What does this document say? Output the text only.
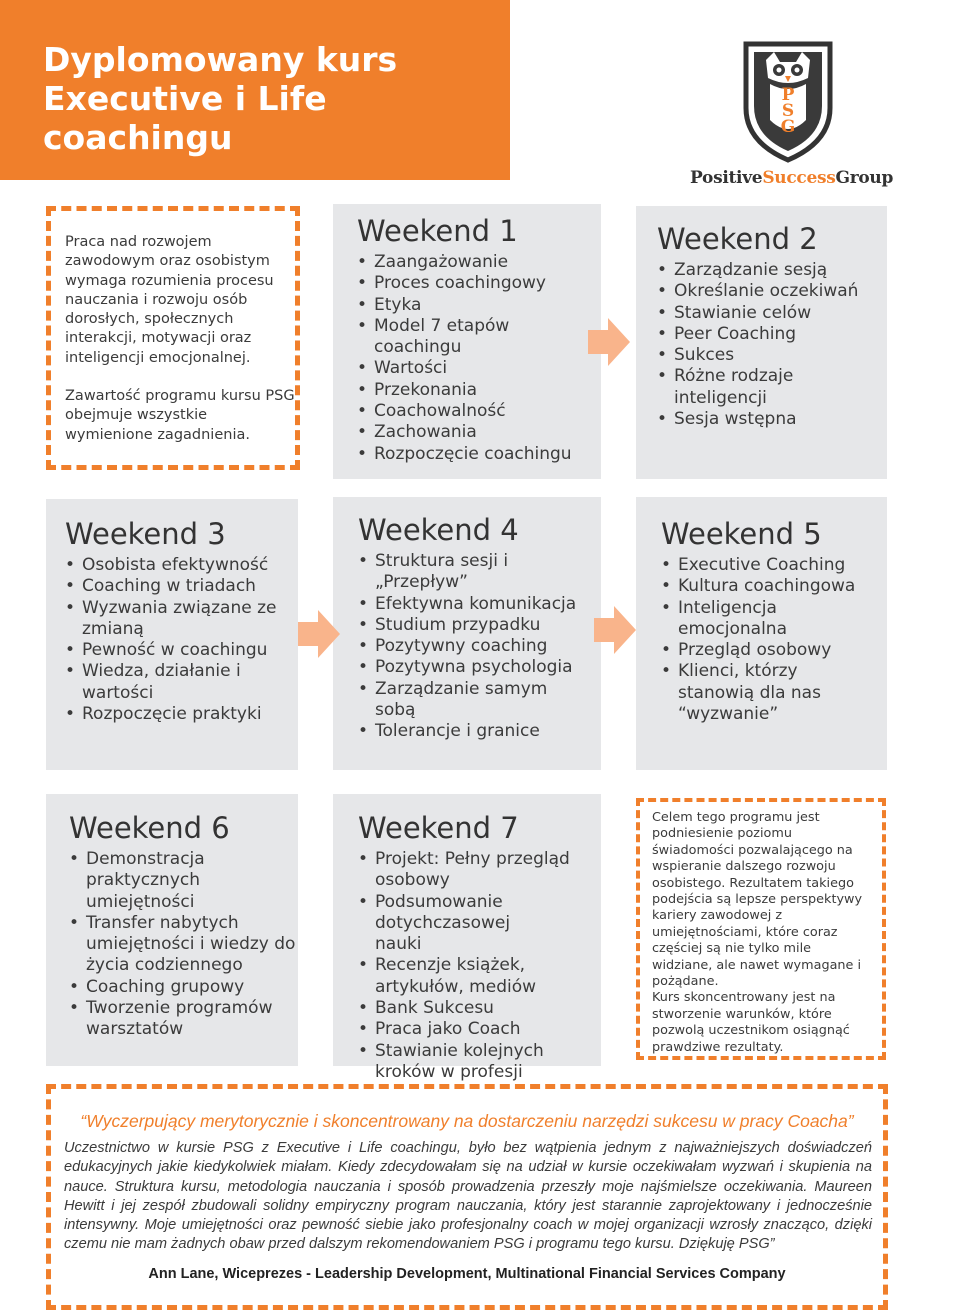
Dyplomowany kurs
Executive i Life
coachingu
P
S
G
PositiveSuccessGroup

Praca nad rozwojem zawodowym oraz osobistym wymaga rozumienia procesu nauczania i rozwoju osób dorosłych, społecznych interakcji, motywacji oraz inteligencji emocjonalnej.

Zawartość programu kursu PSG obejmuje wszystkie wymienione zagadnienia.

Weekend 1
• Zaangażowanie
• Proces coachingowy
• Etyka
• Model 7 etapów coachingu
• Wartości
• Przekonania
• Coachowalność
• Zachowania
• Rozpoczęcie coachingu
Weekend 2
• Zarządzanie sesją
• Określanie oczekiwań
• Stawianie celów
• Peer Coaching
• Sukces
• Różne rodzaje inteligencji
• Sesja wstępna
Weekend 3
• Osobista efektywność
• Coaching w triadach
• Wyzwania związane ze zmianą
• Pewność w coachingu
• Wiedza, działanie i wartości
• Rozpoczęcie praktyki
Weekend 4
• Struktura sesji i „Przepływ”
• Efektywna komunikacja
• Studium przypadku
• Pozytywny coaching
• Pozytywna psychologia
• Zarządzanie samym sobą
• Tolerancje i granice
Weekend 5
• Executive Coaching
• Kultura coachingowa
• Inteligencja emocjonalna
• Przegląd osobowy
• Klienci, którzy stanowią dla nas “wyzwanie”
Weekend 6
• Demonstracja praktycznych umiejętności
• Transfer nabytych umiejętności i wiedzy do życia codziennego
• Coaching grupowy
• Tworzenie programów warsztatów
Weekend 7
• Projekt: Pełny przegląd osobowy
• Podsumowanie dotychczasowej nauki
• Recenzje książek, artykułów, mediów
• Bank Sukcesu
• Praca jako Coach
• Stawianie kolejnych kroków w profesji

Celem tego programu jest podniesienie poziomu świadomości pozwalającego na wspieranie dalszego rozwoju osobistego. Rezultatem takiego podejścia są lepsze perspektywy kariery zawodowej z umiejętnościami, które coraz częściej są nie tylko mile widziane, ale nawet wymagane i pożądane.

Kurs skoncentrowany jest na stworzenie warunków, które pozwolą uczestnikom osiągnąć prawdziwe rezultaty.

“Wyczerpujący merytorycznie i skoncentrowany na dostarczeniu narzędzi sukcesu w pracy Coacha”

Uczestnictwo w kursie PSG z Executive i Life coachingu, było bez wątpienia jednym z najważniejszych doświadczeń edukacyjnych jakie kiedykolwiek miałam. Kiedy zdecydowałam się na udział w kursie oczekiwałam wyzwań i skupienia na nauce. Struktura kursu, metodologia nauczania i sposób prowadzenia przeszły moje najśmielsze oczekiwania. Maureen Hewitt i jej zespół zbudowali solidny empiryczny program nauczania, który jest starannie zaprojektowany i jednocześnie intensywny. Moje umiejętności oraz pewność siebie jako profesjonalny coach w mojej organizacji wzrosły znacząco, dzięki czemu nie mam żadnych obaw przed dalszym rekomendowaniem PSG i programu tego kursu. Dziękuję PSG”

Ann Lane, Wiceprezes - Leadership Development, Multinational Financial Services Company
